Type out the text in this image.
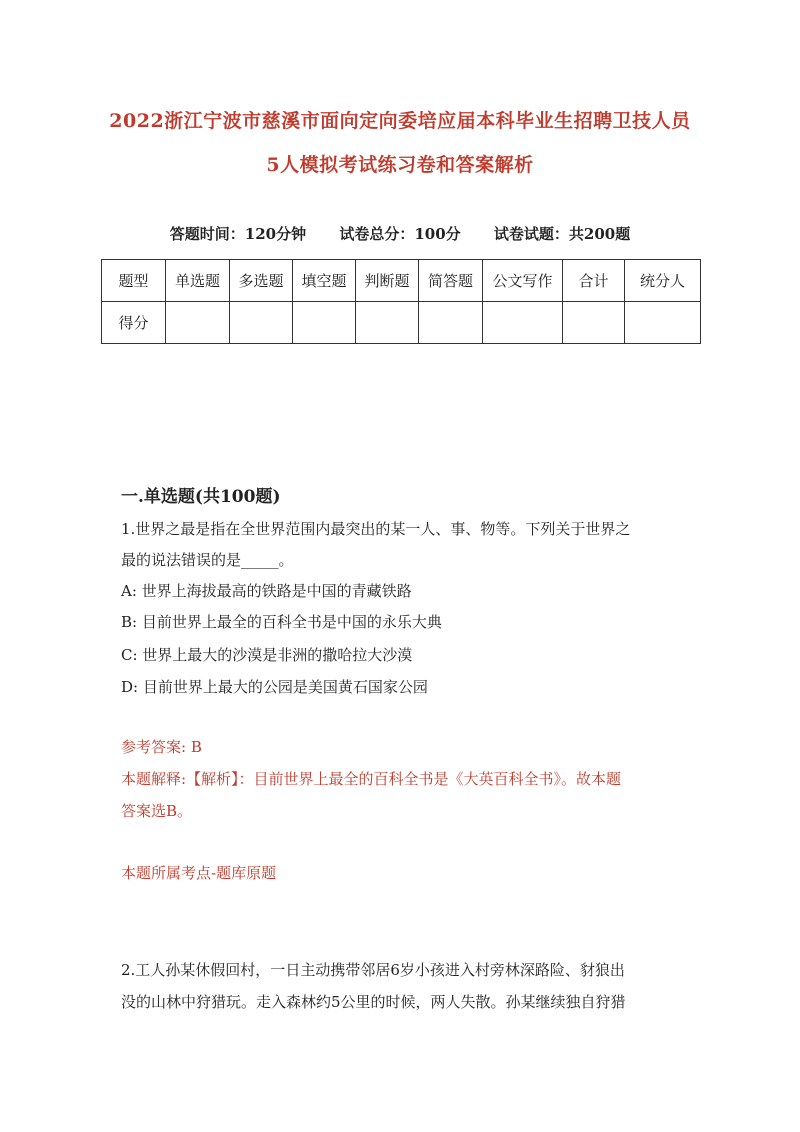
2022浙江宁波市慈溪市面向定向委培应届本科毕业生招聘卫技人员
5人模拟考试练习卷和答案解析
答题时间：120分钟 试卷总分：100分 试卷试题：共200题
题型	单选题	多选题	填空题	判断题	简答题	公文写作	合计	统分人
得分								
一.单选题(共100题)
1.世界之最是指在全世界范围内最突出的某一人、事、物等。下列关于世界之
最的说法错误的是_____。
A: 世界上海拔最高的铁路是中国的青藏铁路
B: 目前世界上最全的百科全书是中国的永乐大典
C: 世界上最大的沙漠是非洲的撒哈拉大沙漠
D: 目前世界上最大的公园是美国黄石国家公园
参考答案: B
本题解释:【解析】：目前世界上最全的百科全书是《大英百科全书》。故本题
答案选B。
本题所属考点-题库原题
2.工人孙某休假回村，一日主动携带邻居6岁小孩进入村旁林深路险、豺狼出
没的山林中狩猎玩。走入森林约5公里的时候，两人失散。孙某继续独自狩猎
